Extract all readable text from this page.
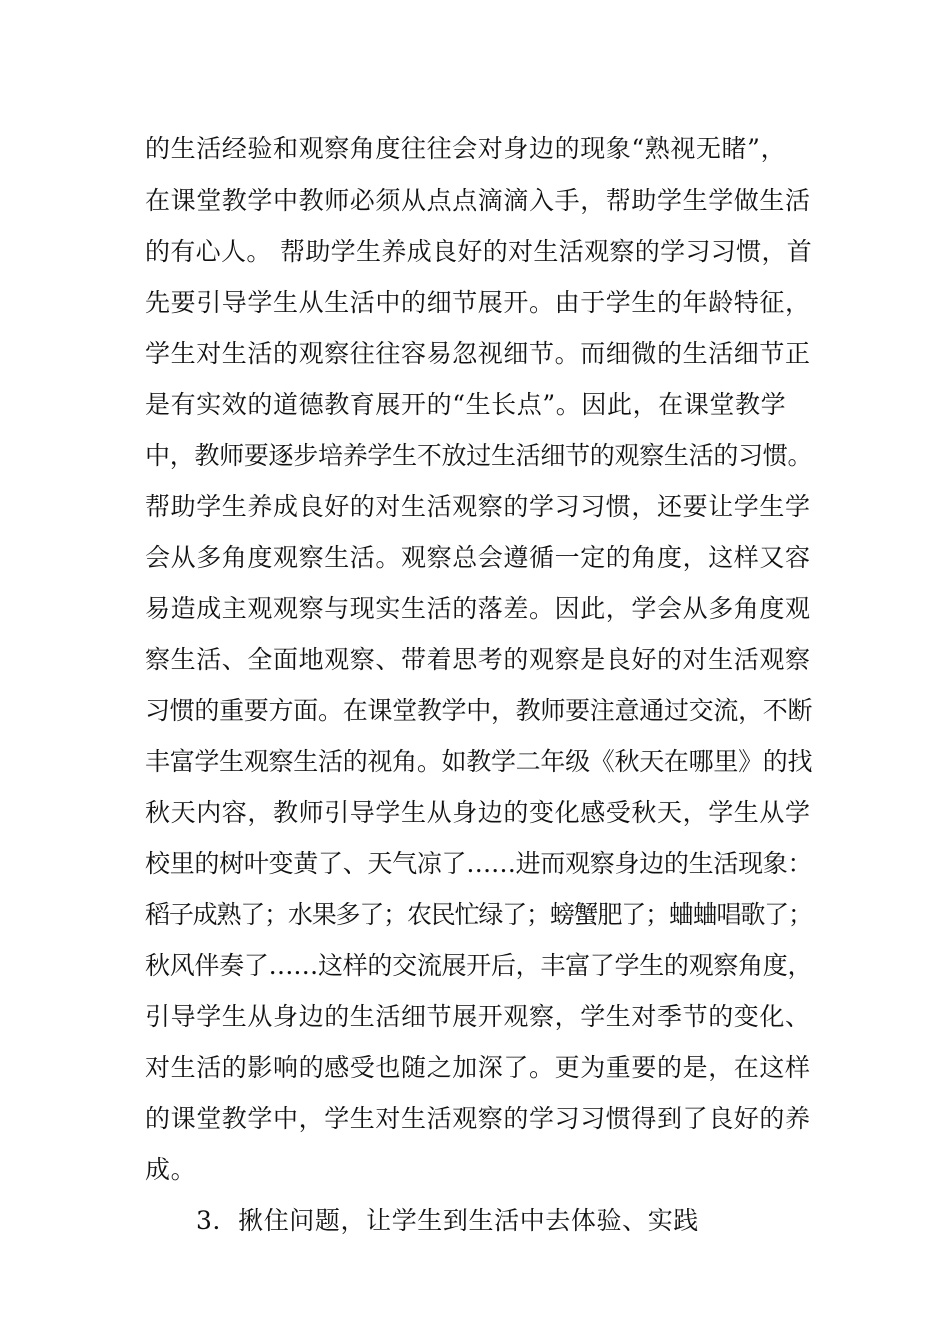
的生活经验和观察角度往往会对身边的现象“熟视无睹”，
在课堂教学中教师必须从点点滴滴入手，帮助学生学做生活
的有心人。 帮助学生养成良好的对生活观察的学习习惯，首
先要引导学生从生活中的细节展开。由于学生的年龄特征，
学生对生活的观察往往容易忽视细节。而细微的生活细节正
是有实效的道德教育展开的“生长点”。因此，在课堂教学
中，教师要逐步培养学生不放过生活细节的观察生活的习惯。
帮助学生养成良好的对生活观察的学习习惯，还要让学生学
会从多角度观察生活。观察总会遵循一定的角度，这样又容
易造成主观观察与现实生活的落差。因此，学会从多角度观
察生活、全面地观察、带着思考的观察是良好的对生活观察
习惯的重要方面。在课堂教学中，教师要注意通过交流，不断
丰富学生观察生活的视角。如教学二年级《秋天在哪里》的找
秋天内容，教师引导学生从身边的变化感受秋天，学生从学
校里的树叶变黄了、天气凉了……进而观察身边的生活现象：
稻子成熟了；水果多了；农民忙绿了；螃蟹肥了；蛐蛐唱歌了；
秋风伴奏了……这样的交流展开后，丰富了学生的观察角度，
引导学生从身边的生活细节展开观察，学生对季节的变化、
对生活的影响的感受也随之加深了。更为重要的是，在这样
的课堂教学中，学生对生活观察的学习习惯得到了良好的养
成。
3．揪住问题，让学生到生活中去体验、实践
